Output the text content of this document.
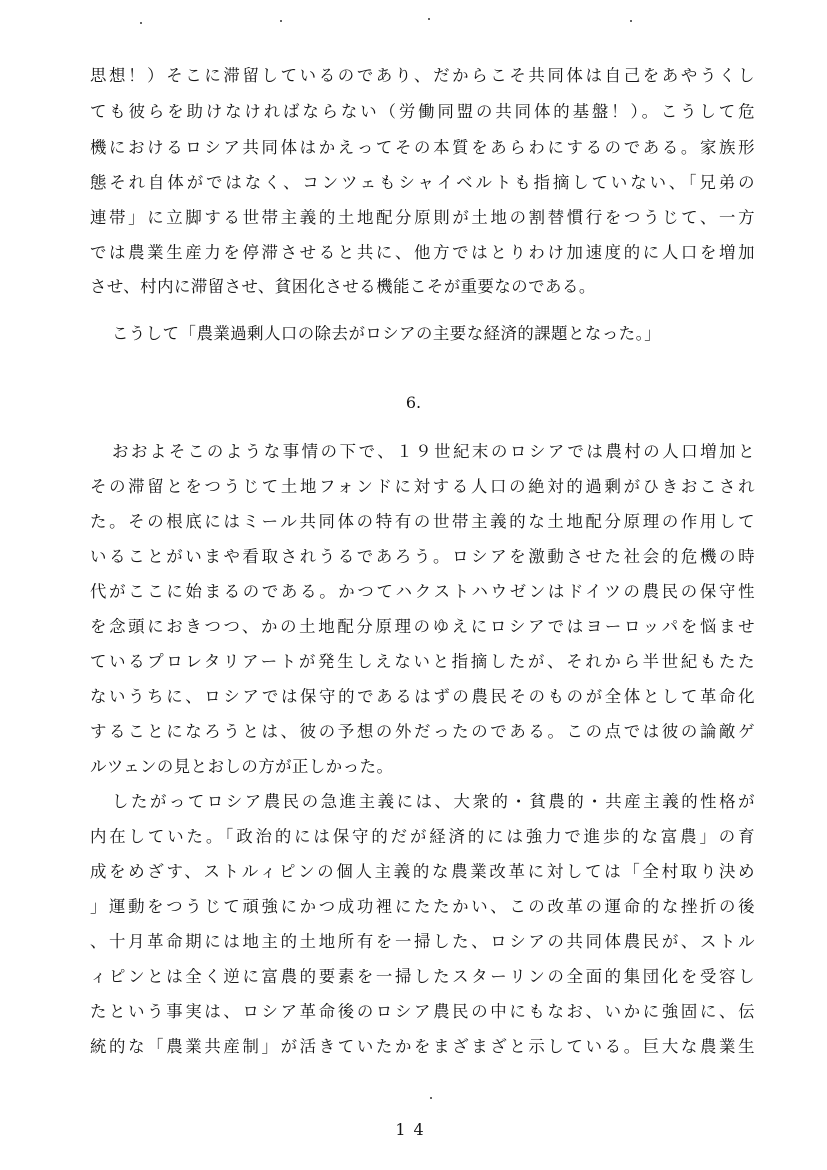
思想！）そこに滞留しているのであり、だからこそ共同体は自己をあやうくし
ても彼らを助けなければならない（労働同盟の共同体的基盤！）。こうして危
機におけるロシア共同体はかえってその本質をあらわにするのである。家族形
態それ自体がではなく、コンツェもシャイベルトも指摘していない、「兄弟の
連帯」に立脚する世帯主義的土地配分原則が土地の割替慣行をつうじて、一方
では農業生産力を停滞させると共に、他方ではとりわけ加速度的に人口を増加
させ、村内に滞留させ、貧困化させる機能こそが重要なのである。
こうして「農業過剰人口の除去がロシアの主要な経済的課題となった。」
6.
おおよそこのような事情の下で、１９世紀末のロシアでは農村の人口増加と
その滞留とをつうじて土地フォンドに対する人口の絶対的過剰がひきおこされ
た。その根底にはミール共同体の特有の世帯主義的な土地配分原理の作用して
いることがいまや看取されうるであろう。ロシアを激動させた社会的危機の時
代がここに始まるのである。かつてハクストハウゼンはドイツの農民の保守性
を念頭におきつつ、かの土地配分原理のゆえにロシアではヨーロッパを悩ませ
ているプロレタリアートが発生しえないと指摘したが、それから半世紀もたた
ないうちに、ロシアでは保守的であるはずの農民そのものが全体として革命化
することになろうとは、彼の予想の外だったのである。この点では彼の論敵ゲ
ルツェンの見とおしの方が正しかった。
したがってロシア農民の急進主義には、大衆的・貧農的・共産主義的性格が
内在していた。「政治的には保守的だが経済的には強力で進歩的な富農」の育
成をめざす、ストルィピンの個人主義的な農業改革に対しては「全村取り決め
」運動をつうじて頑強にかつ成功裡にたたかい、この改革の運命的な挫折の後
、十月革命期には地主的土地所有を一掃した、ロシアの共同体農民が、ストル
ィピンとは全く逆に富農的要素を一掃したスターリンの全面的集団化を受容し
たという事実は、ロシア革命後のロシア農民の中にもなお、いかに強固に、伝
統的な「農業共産制」が活きていたかをまざまざと示している。巨大な農業生
14
